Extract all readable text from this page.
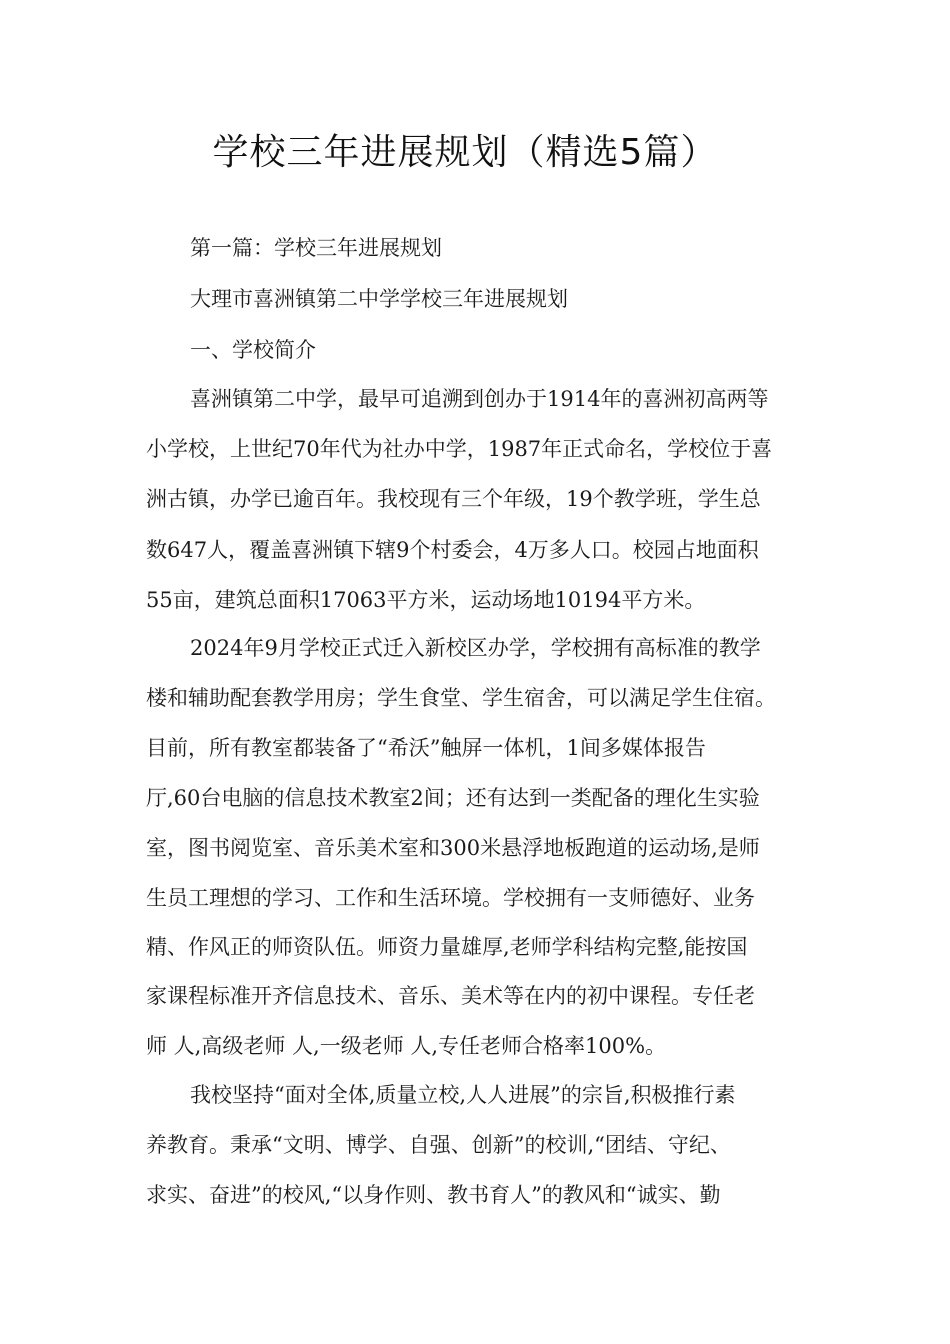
学校三年进展规划（精选5篇）
第一篇：学校三年进展规划
大理市喜洲镇第二中学学校三年进展规划
一、学校简介
喜洲镇第二中学，最早可追溯到创办于1914年的喜洲初高两等
小学校，上世纪70年代为社办中学，1987年正式命名，学校位于喜
洲古镇，办学已逾百年。我校现有三个年级，19个教学班，学生总
数647人，覆盖喜洲镇下辖9个村委会，4万多人口。校园占地面积
55亩，建筑总面积17063平方米，运动场地10194平方米。
2024年9月学校正式迁入新校区办学，学校拥有高标准的教学
楼和辅助配套教学用房；学生食堂、学生宿舍，可以满足学生住宿。
目前，所有教室都装备了“希沃”触屏一体机，1间多媒体报告
厅,60台电脑的信息技术教室2间；还有达到一类配备的理化生实验
室，图书阅览室、音乐美术室和300米悬浮地板跑道的运动场,是师
生员工理想的学习、工作和生活环境。学校拥有一支师德好、业务
精、作风正的师资队伍。师资力量雄厚,老师学科结构完整,能按国
家课程标准开齐信息技术、音乐、美术等在内的初中课程。专任老
师 人,高级老师 人,一级老师 人,专任老师合格率100%。
我校坚持“面对全体,质量立校,人人进展”的宗旨,积极推行素
养教育。秉承“文明、博学、自强、创新”的校训,“团结、守纪、
求实、奋进”的校风,“以身作则、教书育人”的教风和“诚实、勤
